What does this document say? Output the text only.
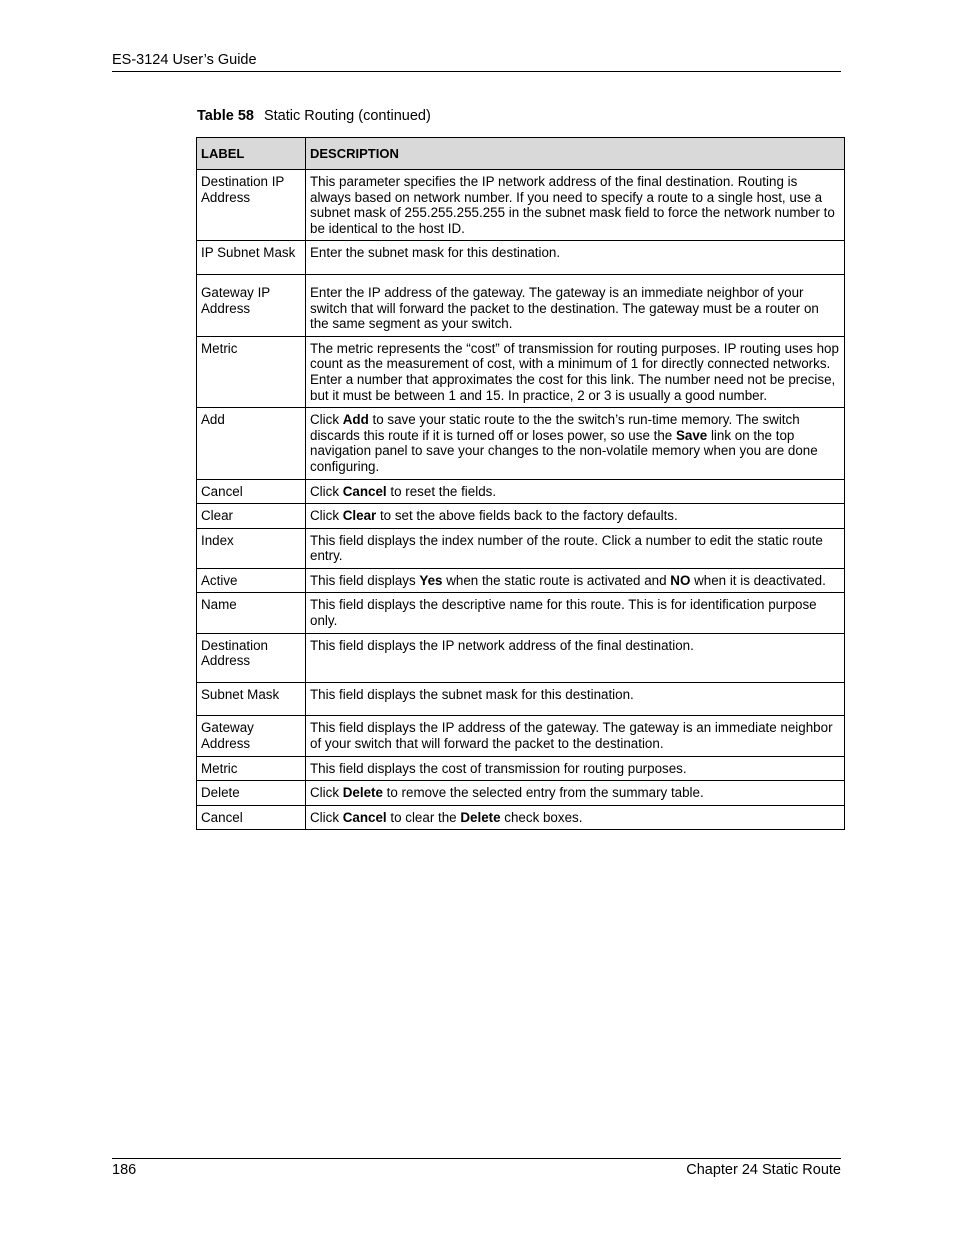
ES-3124 User’s Guide
Table 58 Static Routing (continued)
LABEL	DESCRIPTION
Destination IP Address	This parameter specifies the IP network address of the final destination. Routing is always based on network number. If you need to specify a route to a single host, use a subnet mask of 255.255.255.255 in the subnet mask field to force the network number to be identical to the host ID.
IP Subnet Mask	Enter the subnet mask for this destination.
Gateway IP Address	Enter the IP address of the gateway. The gateway is an immediate neighbor of your switch that will forward the packet to the destination. The gateway must be a router on the same segment as your switch.
Metric	The metric represents the “cost” of transmission for routing purposes. IP routing uses hop count as the measurement of cost, with a minimum of 1 for directly connected networks. Enter a number that approximates the cost for this link. The number need not be precise, but it must be between 1 and 15. In practice, 2 or 3 is usually a good number.
Add	Click Add to save your static route to the the switch’s run-time memory. The switch discards this route if it is turned off or loses power, so use the Save link on the top navigation panel to save your changes to the non-volatile memory when you are done configuring.
Cancel	Click Cancel to reset the fields.
Clear	Click Clear to set the above fields back to the factory defaults.
Index	This field displays the index number of the route. Click a number to edit the static route entry.
Active	This field displays Yes when the static route is activated and NO when it is deactivated.
Name	This field displays the descriptive name for this route. This is for identification purpose only.
Destination Address	This field displays the IP network address of the final destination.
Subnet Mask	This field displays the subnet mask for this destination.
Gateway Address	This field displays the IP address of the gateway. The gateway is an immediate neighbor of your switch that will forward the packet to the destination.
Metric	This field displays the cost of transmission for routing purposes.
Delete	Click Delete to remove the selected entry from the summary table.
Cancel	Click Cancel to clear the Delete check boxes.
186	Chapter 24 Static Route
